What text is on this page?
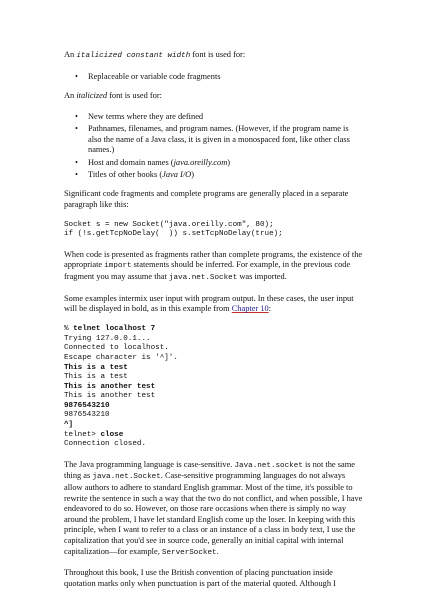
An italicized constant width font is used for:

• Replaceable or variable code fragments

An italicized font is used for:

• New terms where they are defined
• Pathnames, filenames, and program names. (However, if the program name is also the name of a Java class, it is given in a monospaced font, like other class names.)
• Host and domain names (java.oreilly.com)
• Titles of other books (Java I/O)

Significant code fragments and complete programs are generally placed in a separate paragraph like this:

Socket s = new Socket("java.oreilly.com", 80);
if (!s.getTcpNoDelay(  )) s.setTcpNoDelay(true);

When code is presented as fragments rather than complete programs, the existence of the appropriate import statements should be inferred. For example, in the previous code fragment you may assume that java.net.Socket was imported.

Some examples intermix user input with program output. In these cases, the user input will be displayed in bold, as in this example from Chapter 10:

% telnet localhost 7
Trying 127.0.0.1...
Connected to localhost.
Escape character is '^]'.
This is a test
This is a test
This is another test
This is another test
9876543210
9876543210
^]
telnet> close
Connection closed.

The Java programming language is case-sensitive. Java.net.socket is not the same thing as java.net.Socket. Case-sensitive programming languages do not always allow authors to adhere to standard English grammar. Most of the time, it's possible to rewrite the sentence in such a way that the two do not conflict, and when possible, I have endeavored to do so. However, on those rare occasions when there is simply no way around the problem, I have let standard English come up the loser. In keeping with this principle, when I want to refer to a class or an instance of a class in body text, I use the capitalization that you'd see in source code, generally an initial capital with internal capitalization—for example, ServerSocket.

Throughout this book, I use the British convention of placing punctuation inside quotation marks only when punctuation is part of the material quoted. Although I
